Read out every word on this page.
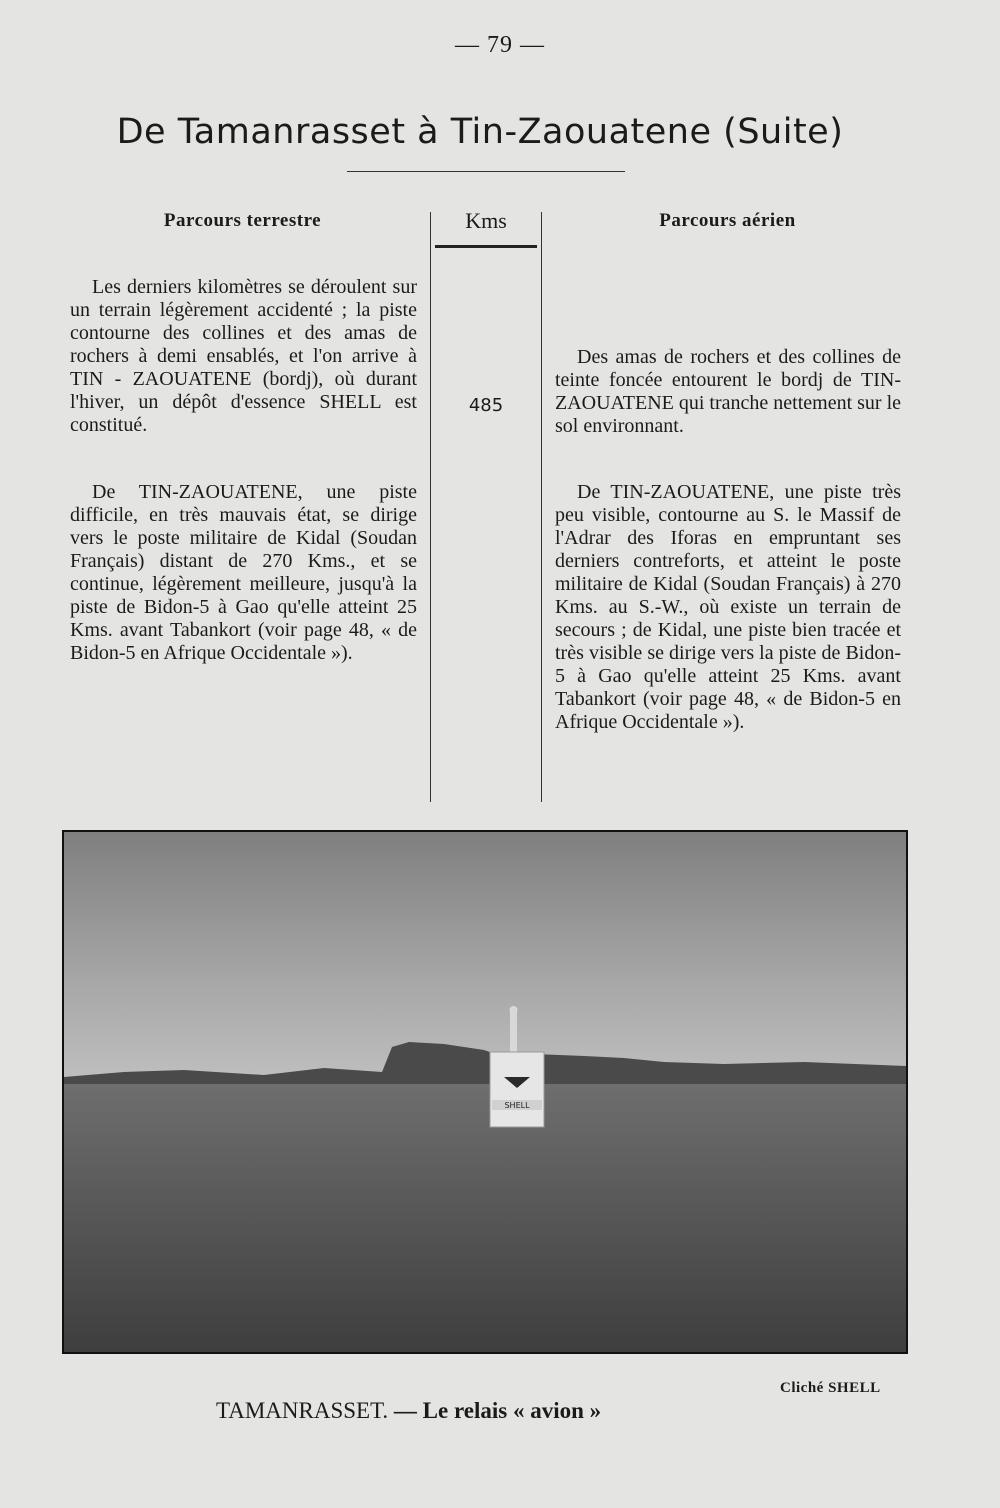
— 79 —
De Tamanrasset à Tin-Zaouatene (Suite)
Parcours terrestre	Kms	Parcours aérien
Les derniers kilomètres se déroulent sur un terrain légèrement accidenté ; la piste contourne des collines et des amas de rochers à demi ensablés, et l'on arrive à TIN - ZAOUATENE (bordj), où durant l'hiver, un dépôt d'essence SHELL est constitué.
De TIN-ZAOUATENE, une piste difficile, en très mauvais état, se dirige vers le poste militaire de Kidal (Soudan Français) distant de 270 Kms., et se continue, légèrement meilleure, jusqu'à la piste de Bidon-5 à Gao qu'elle atteint 25 Kms. avant Tabankort (voir page 48, « de Bidon-5 en Afrique Occidentale »).
485
Des amas de rochers et des collines de teinte foncée entourent le bordj de TIN-ZAOUATENE qui tranche nettement sur le sol environnant.
De TIN-ZAOUATENE, une piste très peu visible, contourne au S. le Massif de l'Adrar des Iforas en empruntant ses derniers contreforts, et atteint le poste militaire de Kidal (Soudan Français) à 270 Kms. au S.-W., où existe un terrain de secours ; de Kidal, une piste bien tracée et très visible se dirige vers la piste de Bidon-5 à Gao qu'elle atteint 25 Kms. avant Tabankort (voir page 48, « de Bidon-5 en Afrique Occidentale »).
SHELL
Cliché SHELL
TAMANRASSET. — Le relais « avion »
